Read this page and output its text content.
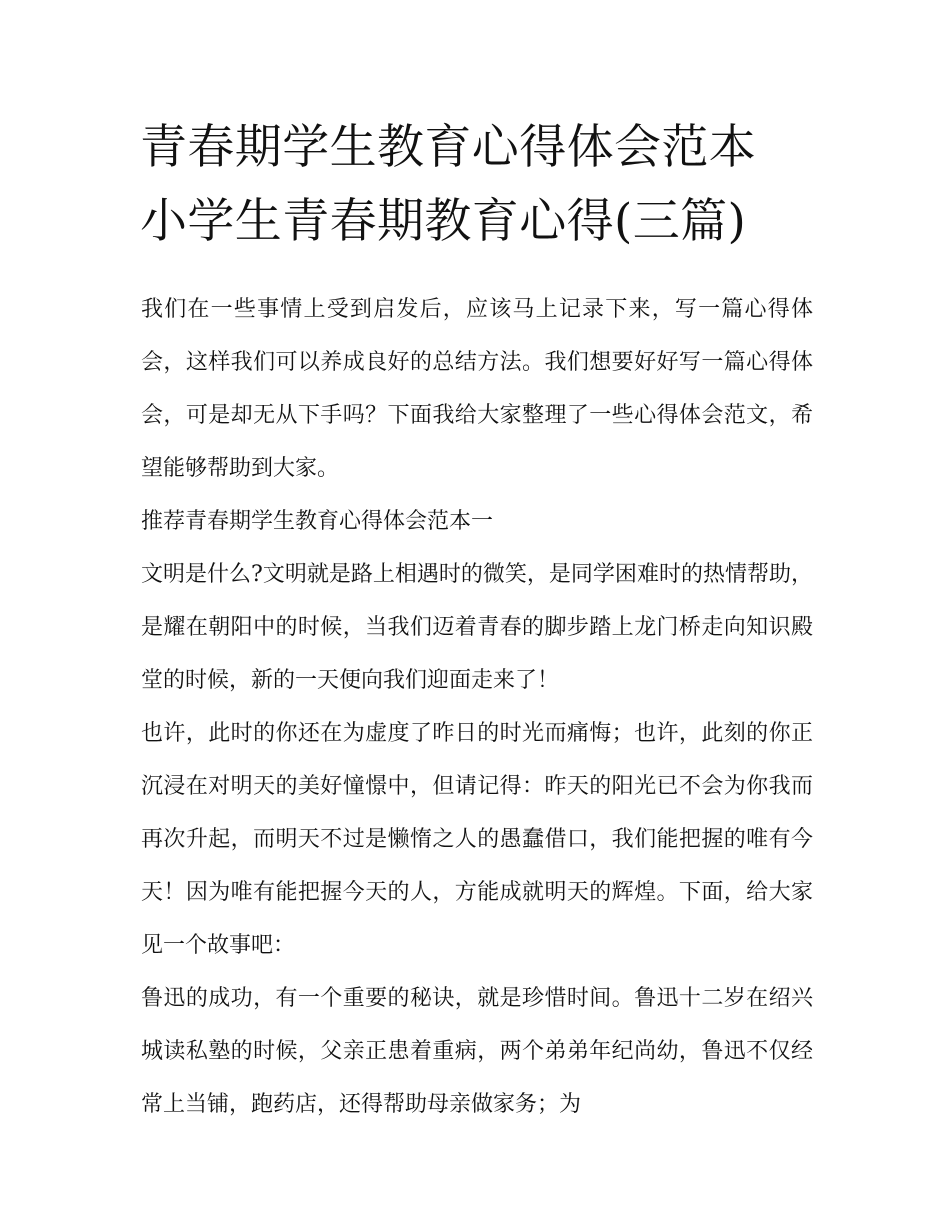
青春期学生教育心得体会范本
小学生青春期教育心得(三篇)

我们在一些事情上受到启发后，应该马上记录下来，写一篇心得体会，这样我们可以养成良好的总结方法。我们想要好好写一篇心得体会，可是却无从下手吗？下面我给大家整理了一些心得体会范文，希望能够帮助到大家。

推荐青春期学生教育心得体会范本一

文明是什么?文明就是路上相遇时的微笑，是同学困难时的热情帮助，是耀在朝阳中的时候，当我们迈着青春的脚步踏上龙门桥走向知识殿堂的时候，新的一天便向我们迎面走来了！

也许，此时的你还在为虚度了昨日的时光而痛悔；也许，此刻的你正沉浸在对明天的美好憧憬中，但请记得：昨天的阳光已不会为你我而再次升起，而明天不过是懒惰之人的愚蠢借口，我们能把握的唯有今天！因为唯有能把握今天的人，方能成就明天的辉煌。下面，给大家见一个故事吧：

鲁迅的成功，有一个重要的秘诀，就是珍惜时间。鲁迅十二岁在绍兴城读私塾的时候，父亲正患着重病，两个弟弟年纪尚幼，鲁迅不仅经常上当铺，跑药店，还得帮助母亲做家务；为
